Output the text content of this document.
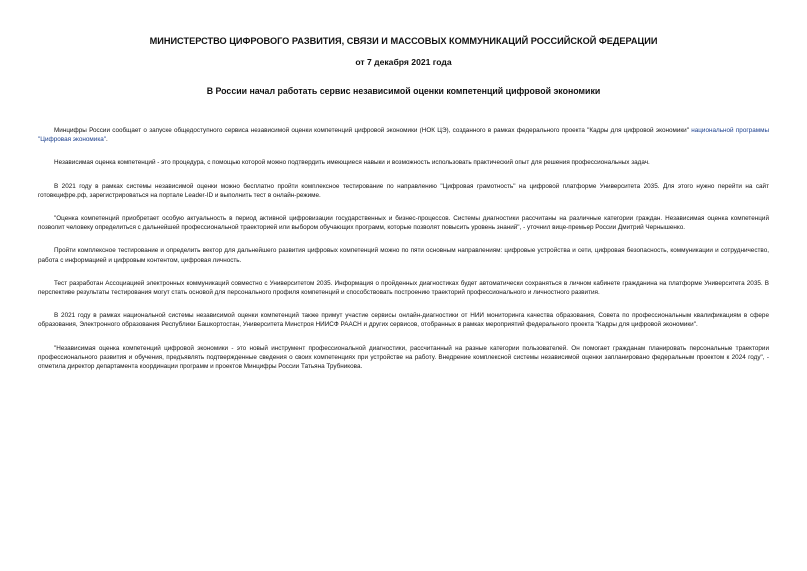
МИНИСТЕРСТВО ЦИФРОВОГО РАЗВИТИЯ, СВЯЗИ И МАССОВЫХ КОММУНИКАЦИЙ РОССИЙСКОЙ ФЕДЕРАЦИИ
от 7 декабря 2021 года
В России начал работать сервис независимой оценки компетенций цифровой экономики

Минцифры России сообщает о запуске общедоступного сервиса независимой оценки компетенций цифровой экономики (НОК ЦЭ), созданного в рамках федерального проекта "Кадры для цифровой экономики" национальной программы "Цифровая экономика".

Независимая оценка компетенций - это процедура, с помощью которой можно подтвердить имеющиеся навыки и возможность использовать практический опыт для решения профессиональных задач.

В 2021 году в рамках системы независимой оценки можно бесплатно пройти комплексное тестирование по направлению "Цифровая грамотность" на цифровой платформе Университета 2035. Для этого нужно перейти на сайт готовкцифре.рф, зарегистрироваться на портале Leader-ID и выполнить тест в онлайн-режиме.

"Оценка компетенций приобретает особую актуальность в период активной цифровизации государственных и бизнес-процессов. Системы диагностики рассчитаны на различные категории граждан. Независимая оценка компетенций позволит человеку определиться с дальнейшей профессиональной траекторией или выбором обучающих программ, которые позволят повысить уровень знаний", - уточнил вице-премьер России Дмитрий Чернышенко.

Пройти комплексное тестирование и определить вектор для дальнейшего развития цифровых компетенций можно по пяти основным направлениям: цифровые устройства и сети, цифровая безопасность, коммуникации и сотрудничество, работа с информацией и цифровым контентом, цифровая личность.

Тест разработан Ассоциацией электронных коммуникаций совместно с Университетом 2035. Информация о пройденных диагностиках будет автоматически сохраняться в личном кабинете гражданина на платформе Университета 2035. В перспективе результаты тестирования могут стать основой для персонального профиля компетенций и способствовать построению траекторий профессионального и личностного развития.

В 2021 году в рамках национальной системы независимой оценки компетенций также примут участие сервисы онлайн-диагностики от НИИ мониторинга качества образования, Совета по профессиональным квалификациям в сфере образования, Электронного образования Республики Башкортостан, Университета Минстроя НИИСФ РААСН и других сервисов, отобранных в рамках мероприятий федерального проекта "Кадры для цифровой экономики".

"Независимая оценка компетенций цифровой экономики - это новый инструмент профессиональной диагностики, рассчитанный на разные категории пользователей. Он помогает гражданам планировать персональные траектории профессионального развития и обучения, предъявлять подтвержденные сведения о своих компетенциях при устройстве на работу. Внедрение комплексной системы независимой оценки запланировано федеральным проектом к 2024 году", - отметила директор департамента координации программ и проектов Минцифры России Татьяна Трубникова.
